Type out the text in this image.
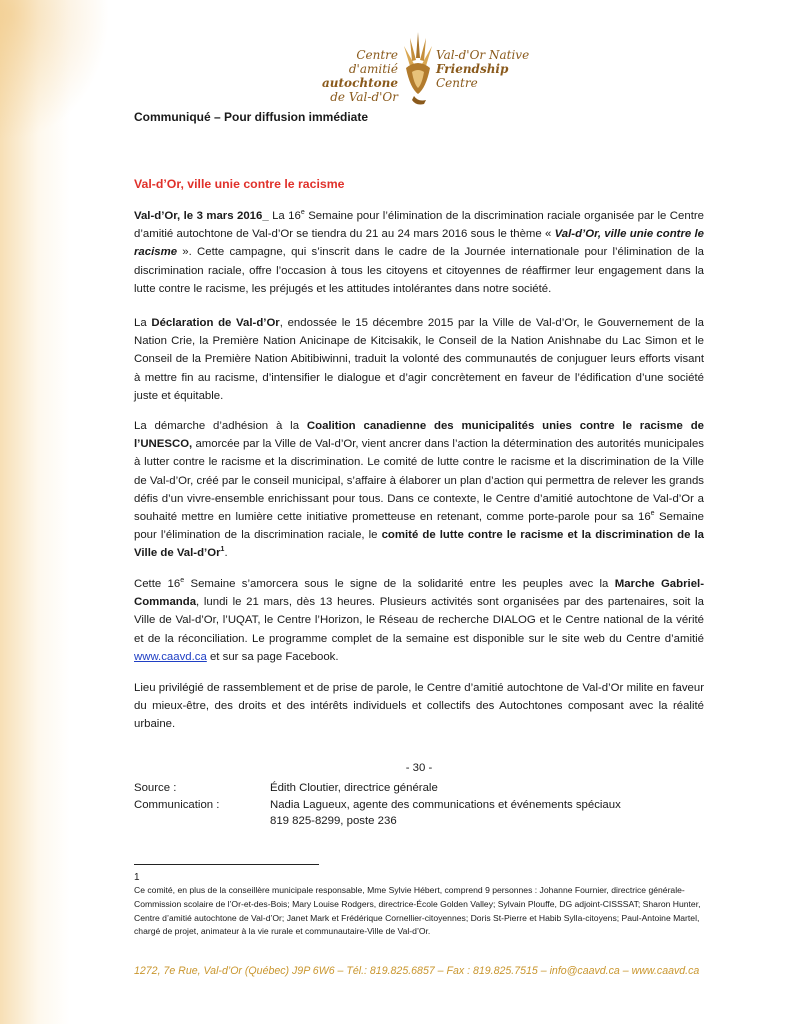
Centre d'amitié
autochtone
de Val-d'Or
Val-d'Or Native
Friendship
Centre

Communiqué – Pour diffusion immédiate

Val-d’Or, ville unie contre le racisme

Val-d’Or, le 3 mars 2016_ La 16e Semaine pour l’élimination de la discrimination raciale organisée par le Centre d’amitié autochtone de Val-d’Or se tiendra du 21 au 24 mars 2016 sous le thème « Val-d’Or, ville unie contre le racisme ». Cette campagne, qui s’inscrit dans le cadre de la Journée internationale pour l’élimination de la discrimination raciale, offre l’occasion à tous les citoyens et citoyennes de réaffirmer leur engagement dans la lutte contre le racisme, les préjugés et les attitudes intolérantes dans notre société.

La Déclaration de Val-d’Or, endossée le 15 décembre 2015 par la Ville de Val-d’Or, le Gouvernement de la Nation Crie, la Première Nation Anicinape de Kitcisakik, le Conseil de la Nation Anishnabe du Lac Simon et le Conseil de la Première Nation Abitibiwinni, traduit la volonté des communautés de conjuguer leurs efforts visant à mettre fin au racisme, d’intensifier le dialogue et d’agir concrètement en faveur de l’édification d’une société juste et équitable.

La démarche d’adhésion à la Coalition canadienne des municipalités unies contre le racisme de l’UNESCO, amorcée par la Ville de Val-d’Or, vient ancrer dans l’action la détermination des autorités municipales à lutter contre le racisme et la discrimination. Le comité de lutte contre le racisme et la discrimination de la Ville de Val-d’Or, créé par le conseil municipal, s’affaire à élaborer un plan d’action qui permettra de relever les grands défis d’un vivre-ensemble enrichissant pour tous. Dans ce contexte, le Centre d’amitié autochtone de Val-d’Or a souhaité mettre en lumière cette initiative prometteuse en retenant, comme porte-parole pour sa 16e Semaine pour l’élimination de la discrimination raciale, le comité de lutte contre le racisme et la discrimination de la Ville de Val-d’Or$^1$.

Cette 16e Semaine s’amorcera sous le signe de la solidarité entre les peuples avec la Marche Gabriel-Commanda, lundi le 21 mars, dès 13 heures. Plusieurs activités sont organisées par des partenaires, soit la Ville de Val-d’Or, l’UQAT, le Centre l’Horizon, le Réseau de recherche DIALOG et le Centre national de la vérité et de la réconciliation. Le programme complet de la semaine est disponible sur le site web du Centre d’amitié www.caavd.ca et sur sa page Facebook.

Lieu privilégié de rassemblement et de prise de parole, le Centre d’amitié autochtone de Val-d’Or milite en faveur du mieux-être, des droits et des intérêts individuels et collectifs des Autochtones composant avec la réalité urbaine.

- 30 -
Source :	Édith Cloutier, directrice générale
Communication :	Nadia Lagueux, agente des communications et événements spéciaux
819 825-8299, poste 236
1
Ce comité, en plus de la conseillère municipale responsable, Mme Sylvie Hébert, comprend 9 personnes : Johanne Fournier, directrice générale-Commission scolaire de l’Or-et-des-Bois; Mary Louise Rodgers, directrice-École Golden Valley; Sylvain Plouffe, DG adjoint-CISSSAT; Sharon Hunter, Centre d’amitié autochtone de Val-d’Or; Janet Mark et Frédérique Cornellier-citoyennes; Doris St-Pierre et Habib Sylla-citoyens; Paul-Antoine Martel, chargé de projet, animateur à la vie rurale et communautaire-Ville de Val-d’Or.
1272, 7e Rue, Val-d’Or (Québec) J9P 6W6 – Tél.: 819.825.6857 – Fax : 819.825.7515 – info@caavd.ca – www.caavd.ca
